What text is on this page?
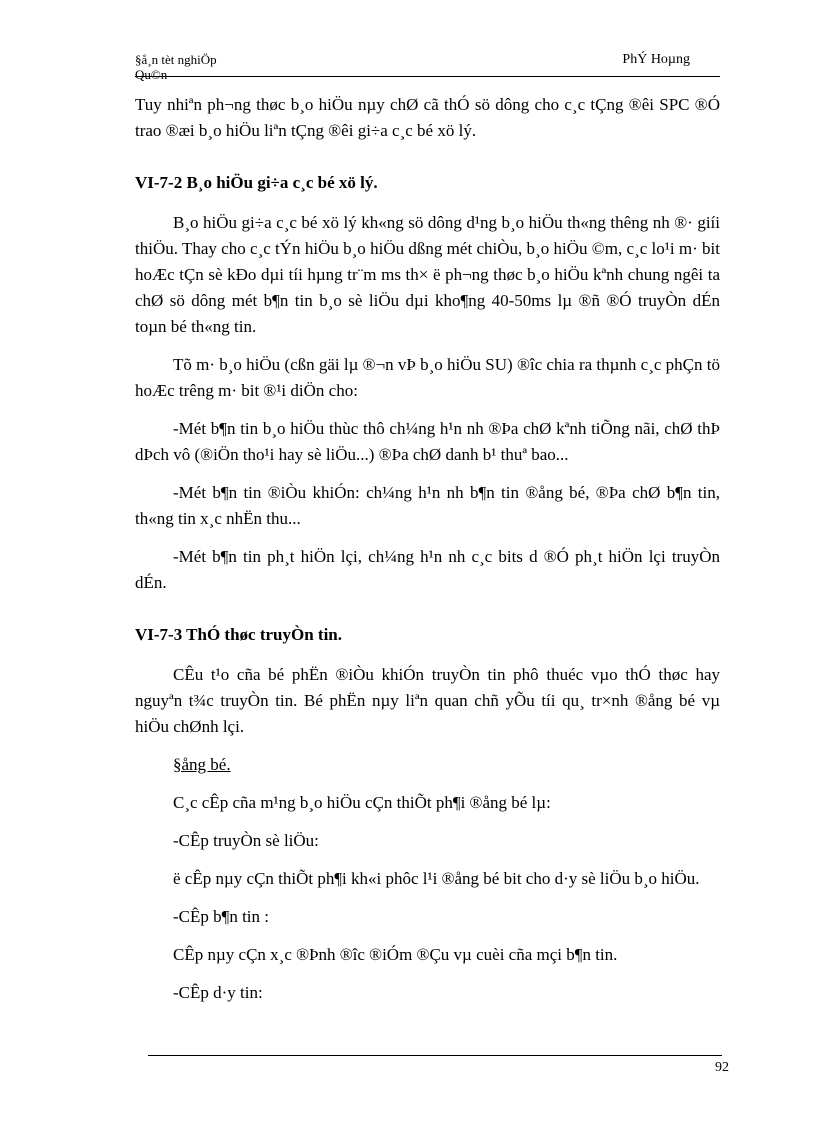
§å¸n tèt nghiÖp
Qu©n
PhÝ Hoµng

Tuy nhiªn ph¬ng thøc b¸o hiÖu nµy chØ cã thÓ sö dông cho c¸c tÇng ®êi SPC ®Ó trao ®æi b¸o hiÖu liªn tÇng ®êi gi÷a c¸c bé xö lý.

VI-7-2 B¸o hiÖu gi÷a c¸c bé xö lý.

B¸o hiÖu gi÷a c¸c bé xö lý kh«ng sö dông d¹ng b¸o hiÖu th«ng thêng nh ®· giíi thiÖu. Thay cho c¸c tÝn hiÖu b¸o hiÖu dßng mét chiÒu, b¸o hiÖu ©m, c¸c lo¹i m· bit hoÆc tÇn sè kÐo dµi tíi hµng tr¨m ms th× ë ph¬ng thøc b¸o hiÖu kªnh chung ngêi ta chØ sö dông mét b¶n tin b¸o sè liÖu dµi kho¶ng 40-50ms lµ ®ñ ®Ó truyÒn dÉn toµn bé th«ng tin.

Tõ m· b¸o hiÖu (cßn gäi lµ ®¬n vÞ b¸o hiÖu SU) ®îc chia ra thµnh c¸c phÇn tö hoÆc trêng m· bit ®¹i diÖn cho:

-Mét b¶n tin b¸o hiÖu thùc thô ch¼ng h¹n nh ®Þa chØ kªnh tiÕng nãi, chØ thÞ dÞch vô (®iÖn tho¹i hay sè liÖu...) ®Þa chØ danh b¹ thuª bao...

-Mét b¶n tin ®iÒu khiÓn: ch¼ng h¹n nh b¶n tin ®ång bé, ®Þa chØ b¶n tin, th«ng tin x¸c nhËn thu...

-Mét b¶n tin ph¸t hiÖn lçi, ch¼ng h¹n nh c¸c bits d ®Ó ph¸t hiÖn lçi truyÒn dÉn.

VI-7-3 ThÓ thøc truyÒn tin.

CÊu t¹o cña bé phËn ®iÒu khiÓn truyÒn tin phô thuéc vµo thÓ thøc hay nguyªn t¾c truyÒn tin. Bé phËn nµy liªn quan chñ yÕu tíi qu¸ tr×nh ®ång bé vµ hiÖu chØnh lçi.

§ång bé.

C¸c cÊp cña m¹ng b¸o hiÖu cÇn thiÕt ph¶i ®ång bé lµ:

-CÊp truyÒn sè liÖu:

ë cÊp nµy cÇn thiÕt ph¶i kh«i phôc l¹i ®ång bé bit cho d·y sè liÖu b¸o hiÖu.

-CÊp b¶n tin :

CÊp nµy cÇn x¸c ®Þnh ®îc ®iÓm ®Çu vµ cuèi cña mçi b¶n tin.

-CÊp d·y tin:

92
